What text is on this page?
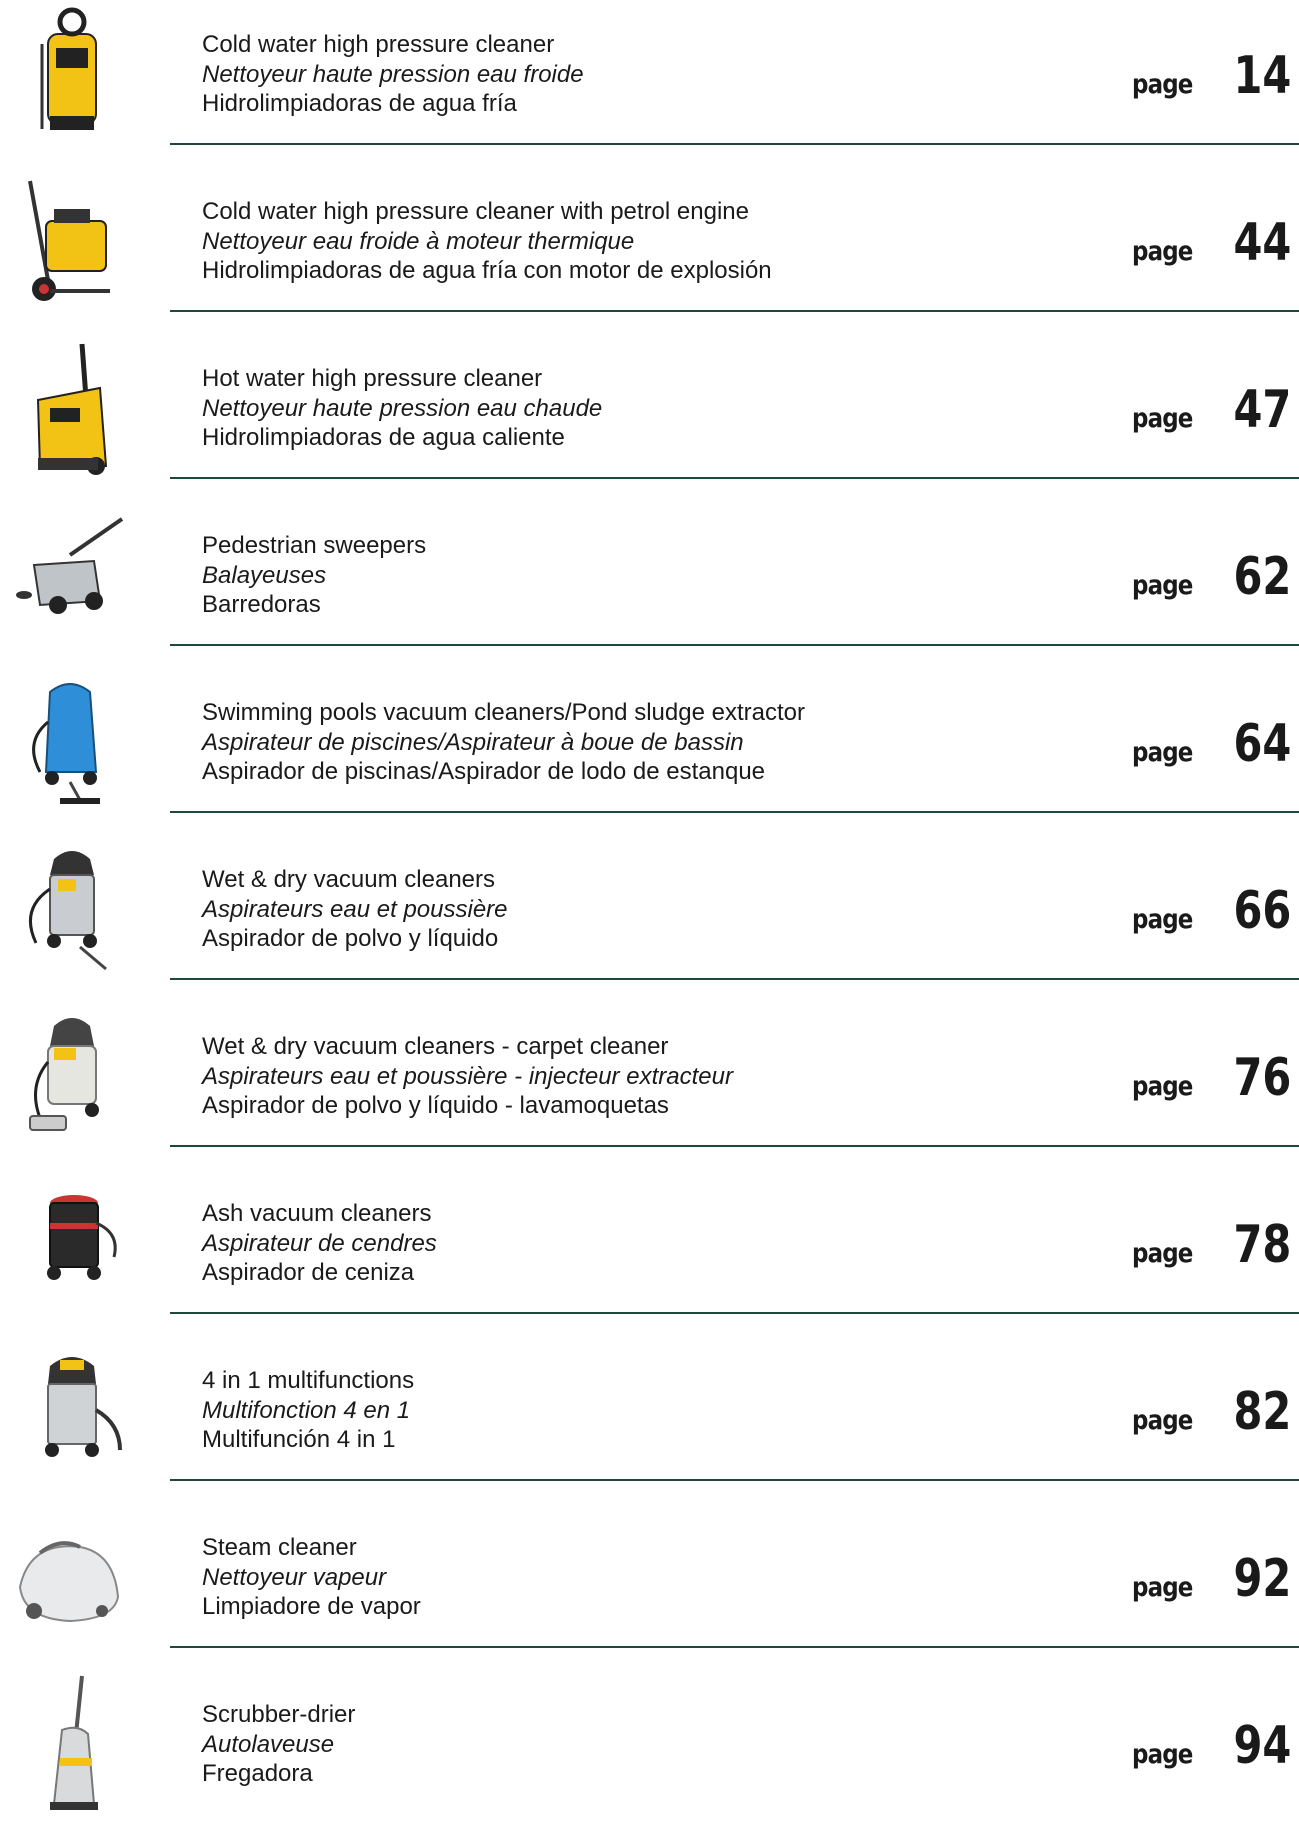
Cold water high pressure cleaner
Nettoyeur haute pression eau froide
Hidrolimpiadoras de agua fría
page 14
Cold water high pressure cleaner with petrol engine
Nettoyeur eau froide à moteur thermique
Hidrolimpiadoras de agua fría con motor de explosión
page 44
Hot water high pressure cleaner
Nettoyeur haute pression eau chaude
Hidrolimpiadoras de agua caliente
page 47
Pedestrian sweepers
Balayeuses
Barredoras
page 62
Swimming pools vacuum cleaners/Pond sludge extractor
Aspirateur de piscines/Aspirateur à boue de bassin
Aspirador de piscinas/Aspirador de lodo de estanque
page 64
Wet & dry vacuum cleaners
Aspirateurs eau et poussière
Aspirador de polvo y líquido
page 66
Wet & dry vacuum cleaners - carpet cleaner
Aspirateurs eau et poussière - injecteur extracteur
Aspirador de polvo y líquido - lavamoquetas
page 76
Ash vacuum cleaners
Aspirateur de cendres
Aspirador de ceniza
page 78
4 in 1 multifunctions
Multifonction 4 en 1
Multifunción 4 in 1
page 82
Steam cleaner
Nettoyeur vapeur
Limpiadore de vapor
page 92
Scrubber-drier
Autolaveuse
Fregadora
page 94
